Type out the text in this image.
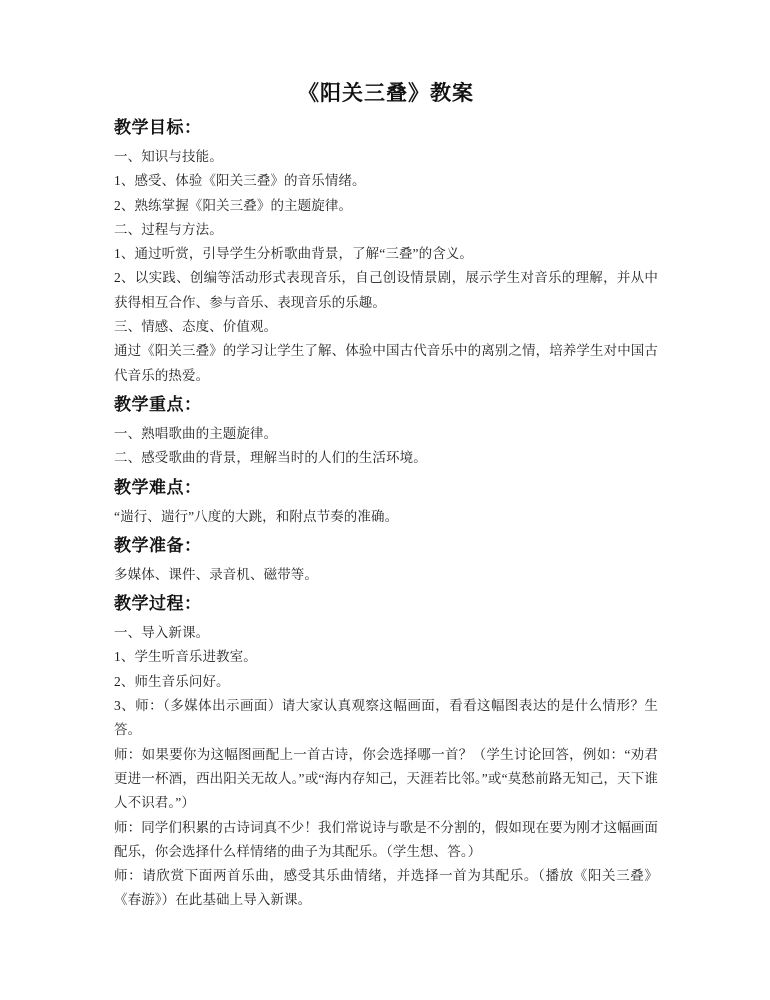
《阳关三叠》教案
教学目标：

一、知识与技能。

1、感受、体验《阳关三叠》的音乐情绪。

2、熟练掌握《阳关三叠》的主题旋律。

二、过程与方法。

1、通过听赏，引导学生分析歌曲背景，了解“三叠”的含义。

2、以实践、创编等活动形式表现音乐，自己创设情景剧，展示学生对音乐的理解，并从中获得相互合作、参与音乐、表现音乐的乐趣。

三、情感、态度、价值观。

通过《阳关三叠》的学习让学生了解、体验中国古代音乐中的离别之情，培养学生对中国古代音乐的热爱。

教学重点：

一、熟唱歌曲的主题旋律。

二、感受歌曲的背景，理解当时的人们的生活环境。

教学难点：

“遄行、遄行”八度的大跳，和附点节奏的准确。

教学准备：

多媒体、课件、录音机、磁带等。

教学过程：

一、导入新课。

1、学生听音乐进教室。

2、师生音乐问好。

3、师：（多媒体出示画面）请大家认真观察这幅画面，看看这幅图表达的是什么情形？生答。

师：如果要你为这幅图画配上一首古诗，你会选择哪一首？（学生讨论回答，例如：“劝君更进一杯酒，西出阳关无故人。”或“海内存知己，天涯若比邻。”或“莫愁前路无知己，天下谁人不识君。”）

师：同学们积累的古诗词真不少！我们常说诗与歌是不分割的，假如现在要为刚才这幅画面配乐，你会选择什么样情绪的曲子为其配乐。（学生想、答。）

师：请欣赏下面两首乐曲，感受其乐曲情绪，并选择一首为其配乐。（播放《阳关三叠》《春游》）在此基础上导入新课。
